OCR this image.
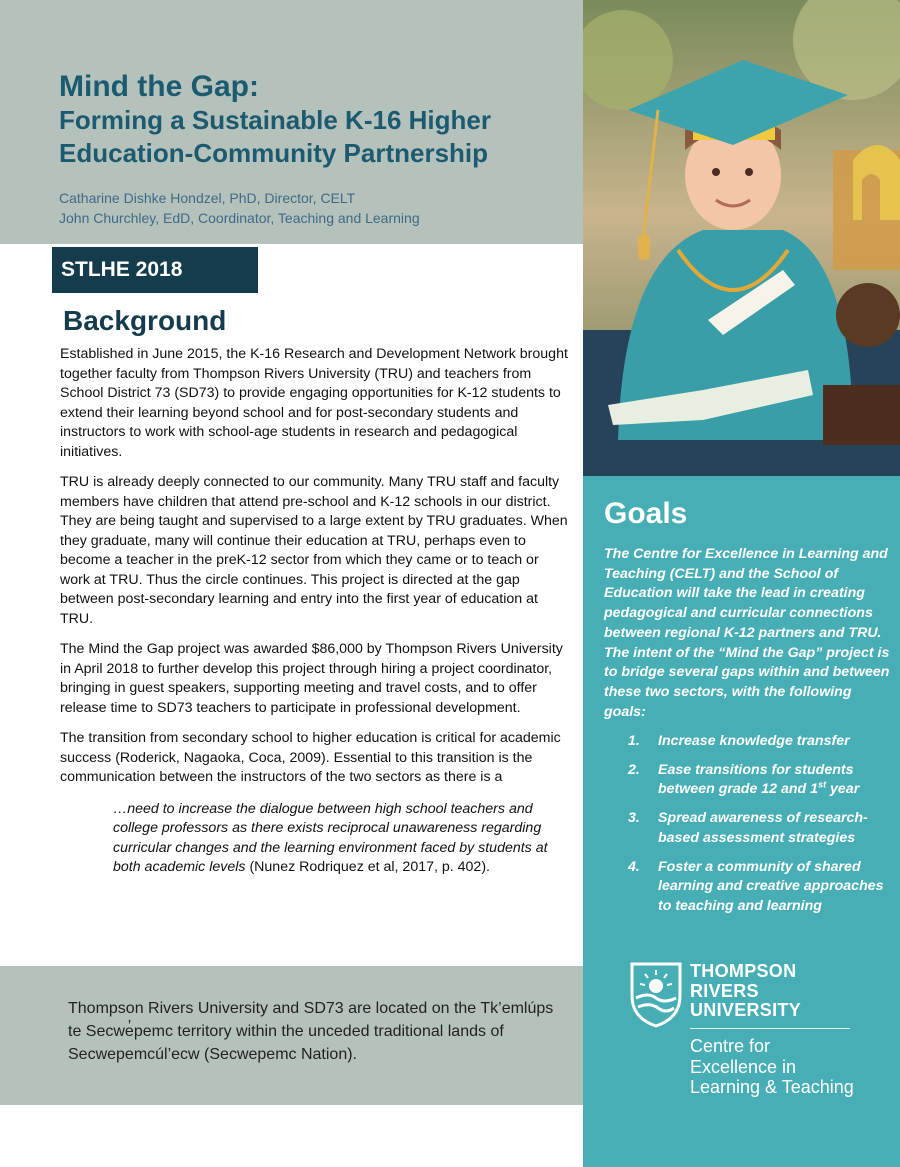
Mind the Gap:
Forming a Sustainable K-16 Higher
Education-Community Partnership
Catharine Dishke Hondzel, PhD, Director, CELT
John Churchley, EdD, Coordinator, Teaching and Learning
STLHE 2018
Background

Established in June 2015, the K-16 Research and Development Network brought together faculty from Thompson Rivers University (TRU) and teachers from School District 73 (SD73) to provide engaging opportunities for K-12 students to extend their learning beyond school and for post-secondary students and instructors to work with school-age students in research and pedagogical initiatives.

TRU is already deeply connected to our community. Many TRU staff and faculty members have children that attend pre-school and K-12 schools in our district. They are being taught and supervised to a large extent by TRU graduates. When they graduate, many will continue their education at TRU, perhaps even to become a teacher in the preK-12 sector from which they came or to teach or work at TRU. Thus the circle continues. This project is directed at the gap between post-secondary learning and entry into the first year of education at TRU.

The Mind the Gap project was awarded $86,000 by Thompson Rivers University in April 2018 to further develop this project through hiring a project coordinator, bringing in guest speakers, supporting meeting and travel costs, and to offer release time to SD73 teachers to participate in professional development.

The transition from secondary school to higher education is critical for academic success (Roderick, Nagaoka, Coca, 2009). Essential to this transition is the communication between the instructors of the two sectors as there is a

…need to increase the dialogue between high school teachers and college professors as there exists reciprocal unawareness regarding curricular changes and the learning environment faced by students at both academic levels (Nunez Rodriquez et al, 2017, p. 402).

Thompson Rivers University and SD73 are located on the Tk’emlúps te Secwe̓pemc territory within the unceded traditional lands of Secwepemcúl’ecw (Secwepemc Nation).
Goals
The Centre for Excellence in Learning and Teaching (CELT) and the School of Education will take the lead in creating pedagogical and curricular connections between regional K-12 partners and TRU. The intent of the “Mind the Gap” project is to bridge several gaps within and between these two sectors, with the following goals:
1. Increase knowledge transfer
2. Ease transitions for students between grade 12 and 1st year
3. Spread awareness of research-based assessment strategies
4. Foster a community of shared learning and creative approaches to teaching and learning
THOMPSON
RIVERS
UNIVERSITY
Centre for
Excellence in
Learning & Teaching
